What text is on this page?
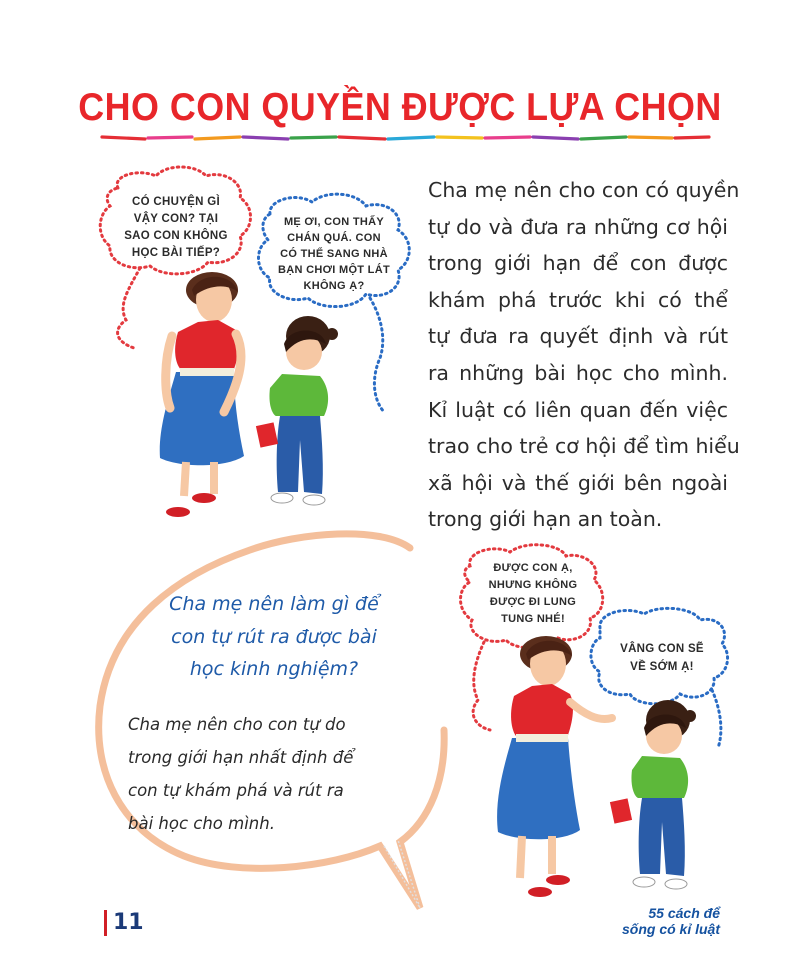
CHO CON QUYỀN ĐƯỢC LỰA CHỌN
Cha mẹ nên cho con có quyền
tự do và đưa ra những cơ hội
trong giới hạn để con được
khám phá trước khi có thể
tự đưa ra quyết định và rút
ra những bài học cho mình.
Kỉ luật có liên quan đến việc
trao cho trẻ cơ hội để tìm hiểu
xã hội và thế giới bên ngoài
trong giới hạn an toàn.
CÓ CHUYỆN GÌ
VẬY CON? TẠI
SAO CON KHÔNG
HỌC BÀI TIẾP?
MẸ ƠI, CON THẤY
CHÁN QUÁ. CON
CÓ THỂ SANG NHÀ
BẠN CHƠI MỘT LÁT
KHÔNG Ạ?
ĐƯỢC CON Ạ,
NHƯNG KHÔNG
ĐƯỢC ĐI LUNG
TUNG NHÉ!
VÂNG CON SẼ
VỀ SỚM Ạ!
Cha mẹ nên làm gì để
con tự rút ra được bài
học kinh nghiệm?
Cha mẹ nên cho con tự do
trong giới hạn nhất định để
con tự khám phá và rút ra
bài học cho mình.
11	55 cách để
sống có kỉ luật
